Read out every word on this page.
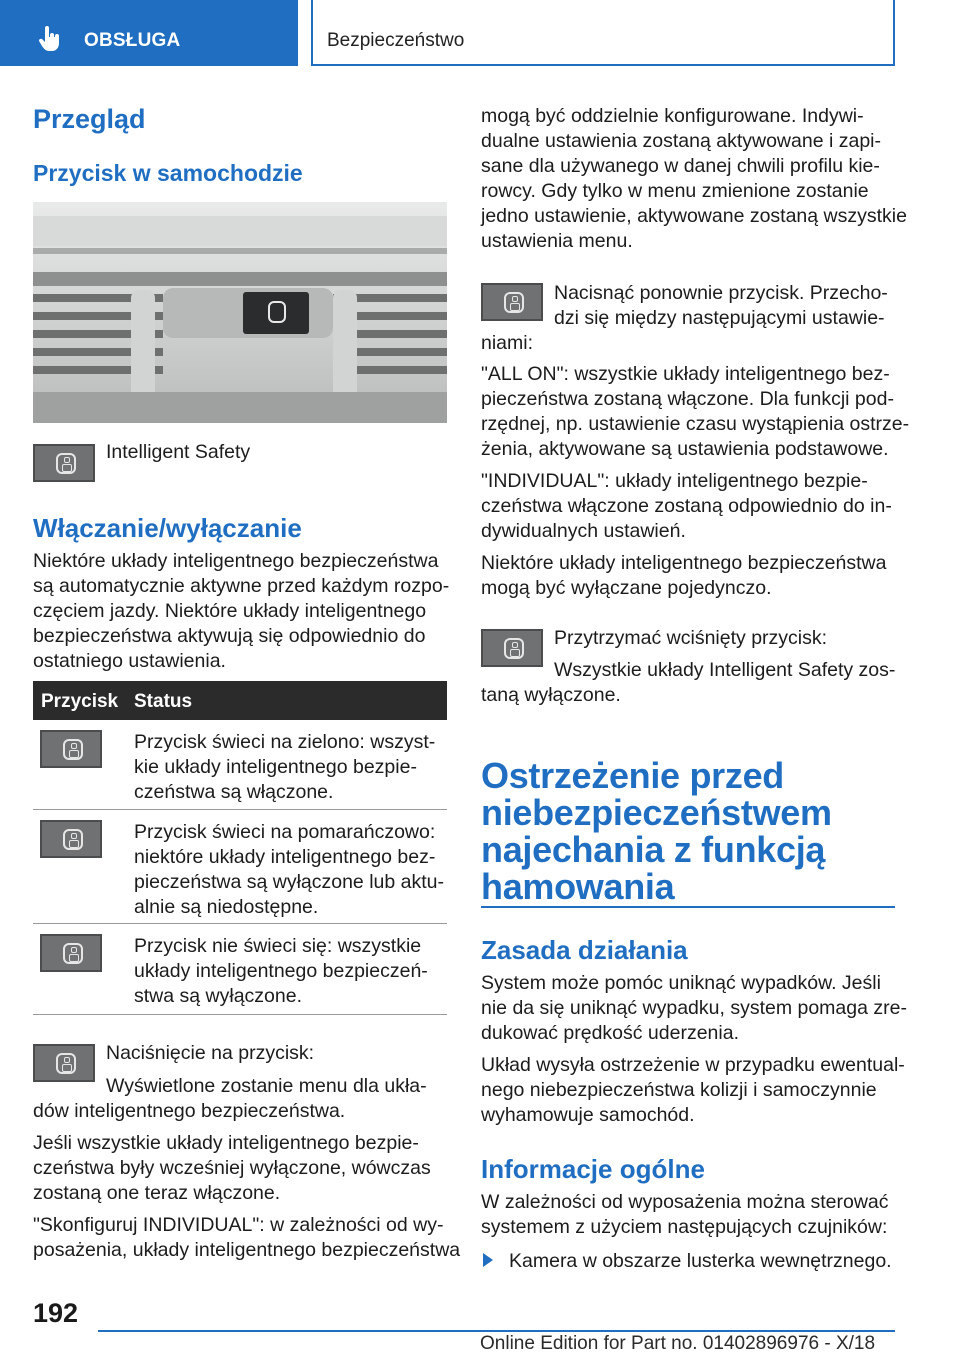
OBSŁUGA	Bezpieczeństwo
Przegląd
Przycisk w samochodzie
Intelligent Safety
Włączanie/wyłączanie
Niektóre układy inteligentnego bezpieczeństwa
są automatycznie aktywne przed każdym rozpo-
częciem jazdy. Niektóre układy inteligentnego
bezpieczeństwa aktywują się odpowiednio do
ostatniego ustawienia.
Przycisk Status
Przycisk świeci na zielono: wszyst-
kie układy inteligentnego bezpie-
czeństwa są włączone.
Przycisk świeci na pomarańczowo:
niektóre układy inteligentnego bez-
pieczeństwa są wyłączone lub aktu-
alnie są niedostępne.
Przycisk nie świeci się: wszystkie
układy inteligentnego bezpieczeń-
stwa są wyłączone.
Naciśnięcie na przycisk:
Wyświetlone zostanie menu dla ukła-
dów inteligentnego bezpieczeństwa.
Jeśli wszystkie układy inteligentnego bezpie-
czeństwa były wcześniej wyłączone, wówczas
zostaną one teraz włączone.
"Skonfiguruj INDIVIDUAL": w zależności od wy-
posażenia, układy inteligentnego bezpieczeństwa
mogą być oddzielnie konfigurowane. Indywi-
dualne ustawienia zostaną aktywowane i zapi-
sane dla używanego w danej chwili profilu kie-
rowcy. Gdy tylko w menu zmienione zostanie
jedno ustawienie, aktywowane zostaną wszystkie
ustawienia menu.
Nacisnąć ponownie przycisk. Przecho-
dzi się między następującymi ustawie-
niami:
"ALL ON": wszystkie układy inteligentnego bez-
pieczeństwa zostaną włączone. Dla funkcji pod-
rzędnej, np. ustawienie czasu wystąpienia ostrze-
żenia, aktywowane są ustawienia podstawowe.
"INDIVIDUAL": układy inteligentnego bezpie-
czeństwa włączone zostaną odpowiednio do in-
dywidualnych ustawień.
Niektóre układy inteligentnego bezpieczeństwa
mogą być wyłączane pojedynczo.
Przytrzymać wciśnięty przycisk:
Wszystkie układy Intelligent Safety zos-
taną wyłączone.
Ostrzeżenie przed
niebezpieczeństwem
najechania z funkcją
hamowania
Zasada działania
System może pomóc uniknąć wypadków. Jeśli
nie da się uniknąć wypadku, system pomaga zre-
dukować prędkość uderzenia.
Układ wysyła ostrzeżenie w przypadku ewentual-
nego niebezpieczeństwa kolizji i samoczynnie
wyhamowuje samochód.
Informacje ogólne
W zależności od wyposażenia można sterować
systemem z użyciem następujących czujników:
Kamera w obszarze lusterka wewnętrznego.
192
Online Edition for Part no. 01402896976 - X/18
